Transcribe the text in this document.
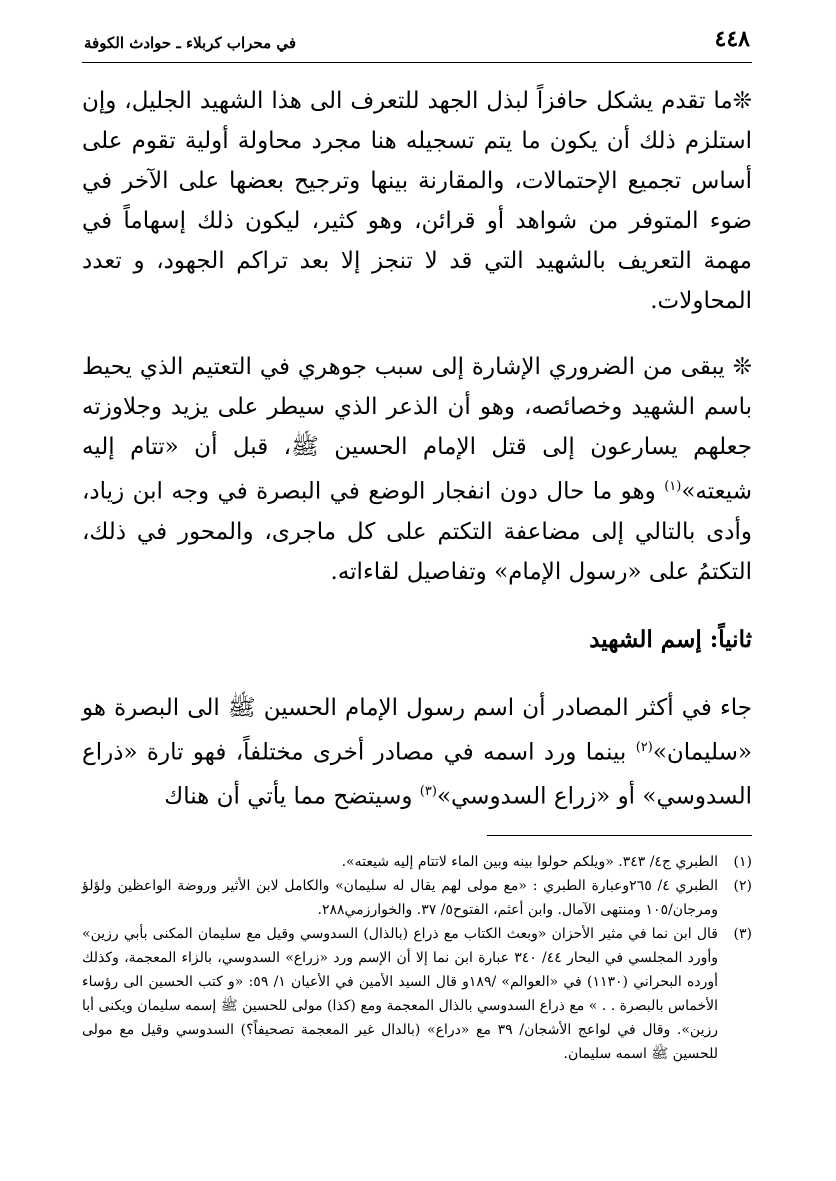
٤٤٨
في محراب كربلاء ـ حوادث الكوفة

❊ما تقدم يشكل حافزاً لبذل الجهد للتعرف الى هذا الشهيد الجليل، وإن استلزم ذلك أن يكون ما يتم تسجيله هنا مجرد محاولة أولية تقوم على أساس تجميع الإحتمالات، والمقارنة بينها وترجيح بعضها على الآخر في ضوء المتوفر من شواهد أو قرائن، وهو كثير، ليكون ذلك إسهاماً في مهمة التعريف بالشهيد التي قد لا تنجز إلا بعد تراكم الجهود، و تعدد المحاولات.

❊ يبقى من الضروري الإشارة إلى سبب جوهري في التعتيم الذي يحيط باسم الشهيد وخصائصه، وهو أن الذعر الذي سيطر على يزيد وجلاوزته جعلهم يسارعون إلى قتل الإمام الحسين ﷺ، قبل أن «تتام إليه شيعته»$^{(١)}$ وهو ما حال دون انفجار الوضع في البصرة في وجه ابن زياد، وأدى بالتالي إلى مضاعفة التكتم على كل ماجرى، والمحور في ذلك، التكتمُ على «رسول الإمام» وتفاصيل لقاءاته.

ثانياً: إسم الشهيد

جاء في أكثر المصادر أن اسم رسول الإمام الحسين ﷺ الى البصرة هو «سليمان»$^{(٢)}$ بينما ورد اسمه في مصادر أخرى مختلفاً، فهو تارة «ذراع السدوسي» أو «زراع السدوسي»$^{(٣)}$ وسيتضح مما يأتي أن هناك

(١)
الطبري ج٤/ ٣٤٣. «ويلكم حولوا بينه وبين الماء لاتتام إليه شيعته».
(٢)
الطبري ٤/ ٢٦٥وعبارة الطبري : «مع مولى لهم يقال له سليمان» والكامل لابن الأثير وروضة الواعظين ولؤلؤ ومرجان/١٠٥ ومنتهى الآمال. وابن أعثم، الفتوح٥/ ٣٧. والخوارزمي٢٨٨.
(٣)
قال ابن نما في مثير الأحزان «وبعث الكتاب مع ذراع (بالذال) السدوسي وقيل مع سليمان المكنى بأبي رزين» وأورد المجلسي في البحار ٤٤/ ٣٤٠ عبارة ابن نما إلا أن الإسم ورد «زراع» السدوسي، بالزاء المعجمة، وكذلك أورده البحراني (١١٣٠) في «العوالم» /١٨٩و قال السيد الأمين في الأعيان ١/ ٥٩: «و كتب الحسين الى رؤساء الأخماس بالبصرة . . » مع ذراع السدوسي بالذال المعجمة ومع (كذا) مولى للحسين ﷺ إسمه سليمان ويكنى أبا رزين». وقال في لواعج الأشجان/ ٣٩ مع «دراع» (بالدال غير المعجمة تصحيفاً؟) السدوسي وقيل مع مولى للحسين ﷺ اسمه سليمان.
